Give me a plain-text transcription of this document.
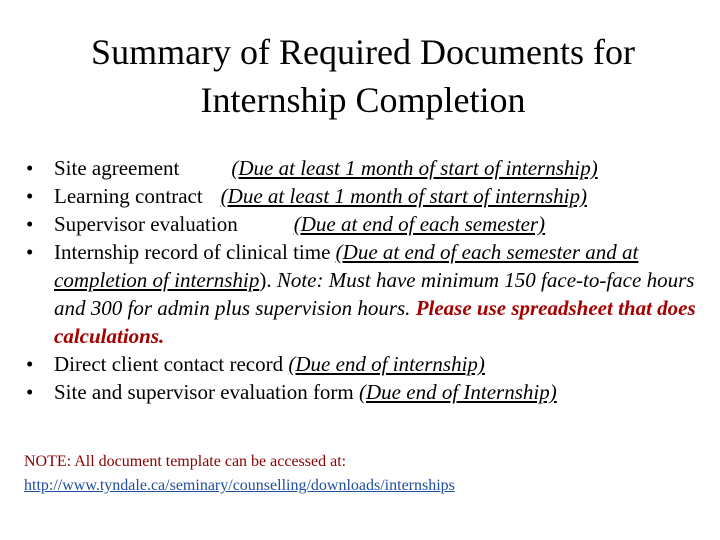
Summary of Required Documents for
Internship Completion
• Site agreement (Due at least 1 month of start of internship)
• Learning contract (Due at least 1 month of start of internship)
• Supervisor evaluation	(Due at end of each semester)
• Internship record of clinical time (Due at end of each semester and at completion of internship). Note: Must have minimum 150 face-to-face hours and 300 for admin plus supervision hours. Please use spreadsheet that does calculations.
• Direct client contact record (Due end of internship)
• Site and supervisor evaluation form (Due end of Internship)
NOTE: All document template can be accessed at:
http://www.tyndale.ca/seminary/counselling/downloads/internships
